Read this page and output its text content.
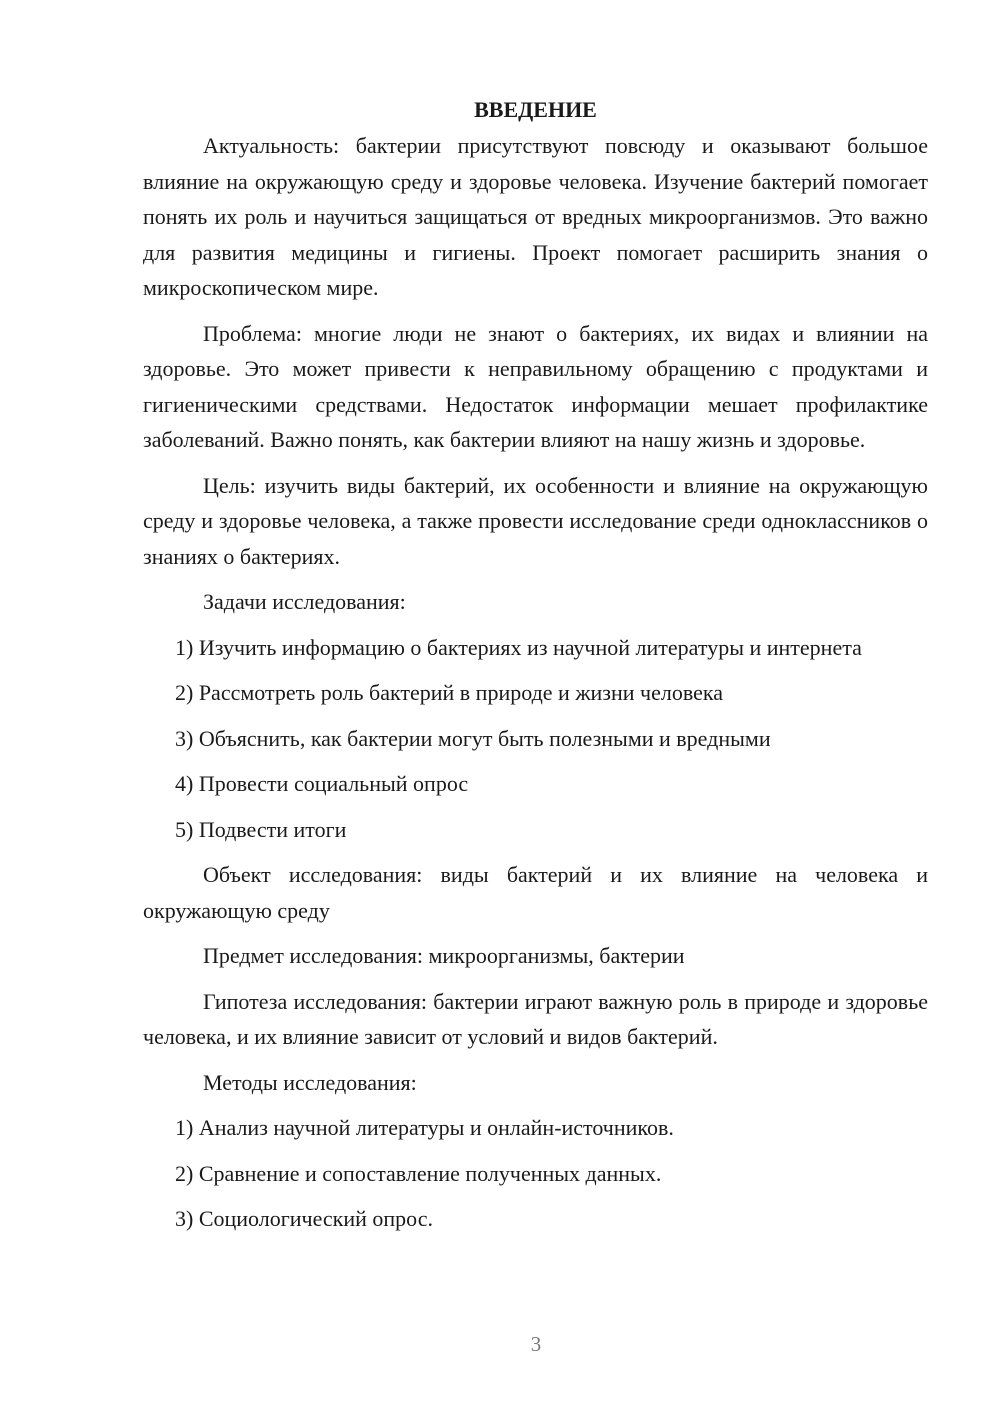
ВВЕДЕНИЕ

Актуальность: бактерии присутствуют повсюду и оказывают большое влияние на окружающую среду и здоровье человека. Изучение бактерий помогает понять их роль и научиться защищаться от вредных микроорганизмов. Это важно для развития медицины и гигиены. Проект помогает расширить знания о микроскопическом мире.

Проблема: многие люди не знают о бактериях, их видах и влиянии на здоровье. Это может привести к неправильному обращению с продуктами и гигиеническими средствами. Недостаток информации мешает профилактике заболеваний. Важно понять, как бактерии влияют на нашу жизнь и здоровье.

Цель: изучить виды бактерий, их особенности и влияние на окружающую среду и здоровье человека, а также провести исследование среди одноклассников о знаниях о бактериях.

Задачи исследования:

1) Изучить информацию о бактериях из научной литературы и интернета

2) Рассмотреть роль бактерий в природе и жизни человека

3) Объяснить, как бактерии могут быть полезными и вредными

4) Провести социальный опрос

5) Подвести итоги

Объект исследования: виды бактерий и их влияние на человека и окружающую среду

Предмет исследования: микроорганизмы, бактерии

Гипотеза исследования: бактерии играют важную роль в природе и здоровье человека, и их влияние зависит от условий и видов бактерий.

Методы исследования:

1) Анализ научной литературы и онлайн-источников.

2) Сравнение и сопоставление полученных данных.

3) Социологический опрос.

3
